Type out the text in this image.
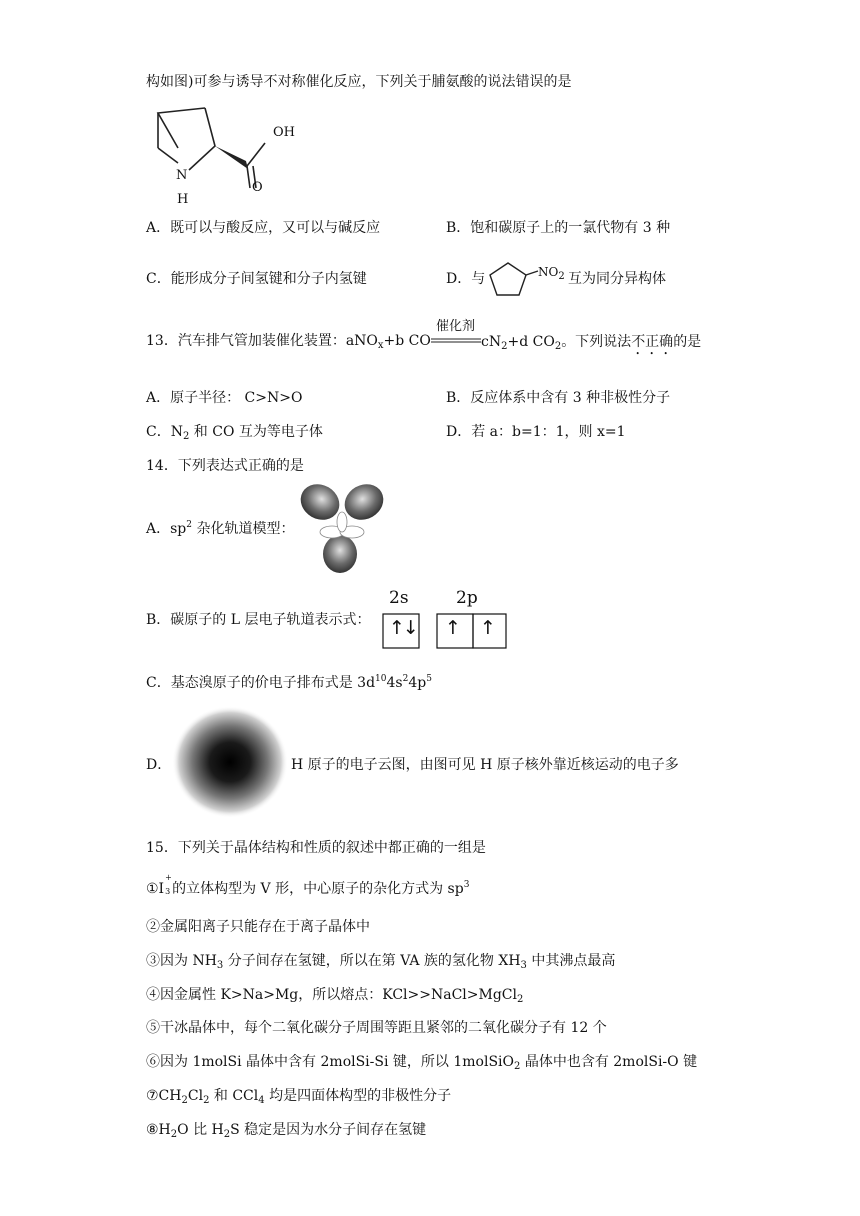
构如图)可参与诱导不对称催化反应，下列关于脯氨酸的说法错误的是
N
H
OH
O
A．既可以与酸反应，又可以与碱反应	B．饱和碳原子上的一氯代物有 3 种
C．能形成分子间氢键和分子内氢键	D．与	$NO_2$ 互为同分异构体
13．汽车排气管加装催化装置：aNO$_x$+b CO
催化剂
$cN_2+d$ $CO_2$。下列说法不正确的是
A．原子半径： C>N>O	B．反应体系中含有 3 种非极性分子
C．$N_2$ 和 CO 互为等电子体	D．若 a：b=1：1，则 x=1
14．下列表达式正确的是
A．$sp^2$ 杂化轨道模型：
B．碳原子的 L 层电子轨道表示式：
2s	2p
↑↓ ↑ ↑
C．基态溴原子的价电子排布式是 $3d^{10}4s^24p^5$
D．	H 原子的电子云图，由图可见 H 原子核外靠近核运动的电子多
15．下列关于晶体结构和性质的叙述中都正确的一组是
①I
+
3 的立体构型为 V 形，中心原子的杂化方式为 $sp^3$
②金属阳离子只能存在于离子晶体中
③因为 $NH_3$ 分子间存在氢键，所以在第 VA 族的氢化物 $XH_3$ 中其沸点最高
④因金属性 K>Na>Mg，所以熔点：KCl>>NaCl>MgCl$_2$
⑤干冰晶体中，每个二氧化碳分子周围等距且紧邻的二氧化碳分子有 12 个
⑥因为 1molSi 晶体中含有 2molSi-Si 键，所以 1molSiO$_2$ 晶体中也含有 2molSi-O 键
$⑦CH_2Cl_2$ 和 CCl$_4$ 均是四面体构型的非极性分子
$⑧H_2O$ 比 $H_2S$ 稳定是因为水分子间存在氢键
